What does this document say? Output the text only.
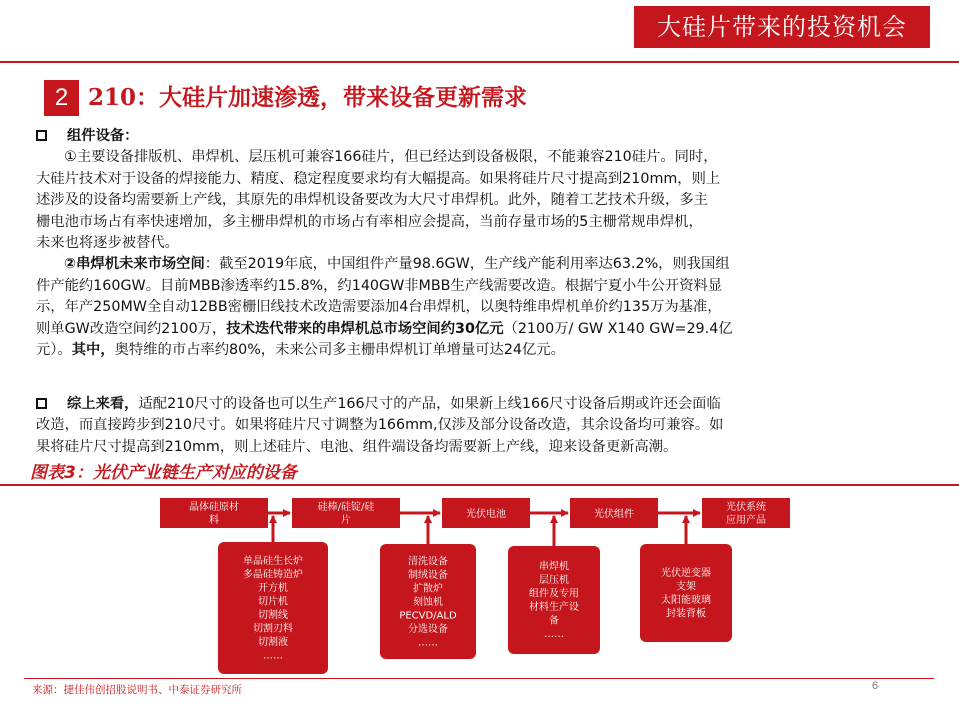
大硅片带来的投资机会
2 210：大硅片加速渗透，带来设备更新需求
组件设备：
①主要设备排版机、串焊机、层压机可兼容166硅片，但已经达到设备极限，不能兼容210硅片。同时，
大硅片技术对于设备的焊接能力、精度、稳定程度要求均有大幅提高。如果将硅片尺寸提高到210mm，则上
述涉及的设备均需要新上产线，其原先的串焊机设备要改为大尺寸串焊机。此外，随着工艺技术升级，多主
栅电池市场占有率快速增加，多主栅串焊机的市场占有率相应会提高，当前存量市场的5主栅常规串焊机，
未来也将逐步被替代。
②串焊机未来市场空间：截至2019年底，中国组件产量98.6GW，生产线产能利用率达63.2%，则我国组
件产能约160GW。目前MBB渗透率约15.8%，约140GW非MBB生产线需要改造。根据宁夏小牛公开资料显
示，年产250MW全自动12BB密栅旧线技术改造需要添加4台串焊机，以奥特维串焊机单价约135万为基准，
则单GW改造空间约2100万，技术迭代带来的串焊机总市场空间约30亿元（2100万/ GW X140 GW=29.4亿
元）。其中，奥特维的市占率约80%，未来公司多主栅串焊机订单增量可达24亿元。
综上来看，适配210尺寸的设备也可以生产166尺寸的产品，如果新上线166尺寸设备后期或许还会面临
改造，而直接跨步到210尺寸。如果将硅片尺寸调整为166mm,仅涉及部分设备改造，其余设备均可兼容。如
果将硅片尺寸提高到210mm，则上述硅片、电池、组件端设备均需要新上产线，迎来设备更新高潮。
图表3：光伏产业链生产对应的设备
晶体硅原材
料
硅棒/硅锭/硅
片
光伏电池	光伏组件
光伏系统
应用产品
单晶硅生长炉
多晶硅铸造炉
开方机
切片机
切割线
切割刃料
切割液
……
清洗设备
制绒设备
扩散炉
刻蚀机
PECVD/ALD
分选设备
……
串焊机
层压机
组件及专用
材料生产设
备
……
光伏逆变器
支架
太阳能玻璃
封装背板
来源：捷佳伟创招股说明书、中泰证券研究所	6
